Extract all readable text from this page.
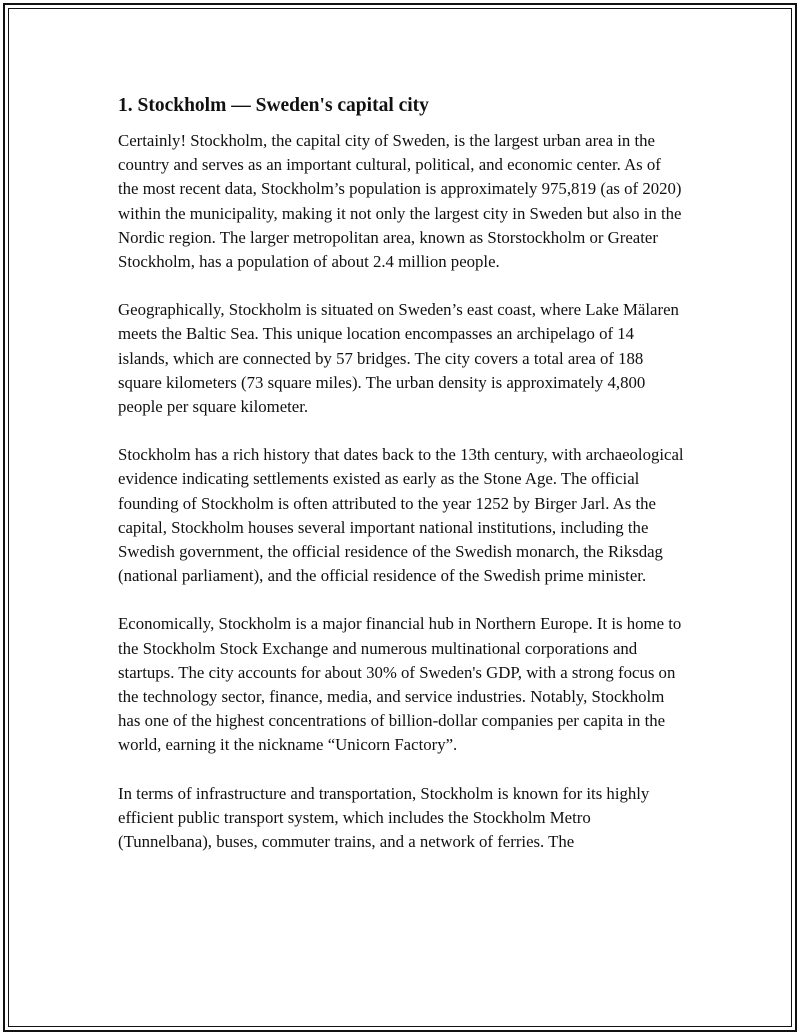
1. Stockholm — Sweden's capital city

Certainly! Stockholm, the capital city of Sweden, is the largest urban area in the country and serves as an important cultural, political, and economic center. As of the most recent data, Stockholm’s population is approximately 975,819 (as of 2020) within the municipality, making it not only the largest city in Sweden but also in the Nordic region. The larger metropolitan area, known as Storstockholm or Greater Stockholm, has a population of about 2.4 million people.

Geographically, Stockholm is situated on Sweden’s east coast, where Lake Mälaren meets the Baltic Sea. This unique location encompasses an archipelago of 14 islands, which are connected by 57 bridges. The city covers a total area of 188 square kilometers (73 square miles). The urban density is approximately 4,800 people per square kilometer.

Stockholm has a rich history that dates back to the 13th century, with archaeological evidence indicating settlements existed as early as the Stone Age. The official founding of Stockholm is often attributed to the year 1252 by Birger Jarl. As the capital, Stockholm houses several important national institutions, including the Swedish government, the official residence of the Swedish monarch, the Riksdag (national parliament), and the official residence of the Swedish prime minister.

Economically, Stockholm is a major financial hub in Northern Europe. It is home to the Stockholm Stock Exchange and numerous multinational corporations and startups. The city accounts for about 30% of Sweden's GDP, with a strong focus on the technology sector, finance, media, and service industries. Notably, Stockholm has one of the highest concentrations of billion-dollar companies per capita in the world, earning it the nickname “Unicorn Factory”.

In terms of infrastructure and transportation, Stockholm is known for its highly efficient public transport system, which includes the Stockholm Metro (Tunnelbana), buses, commuter trains, and a network of ferries. The
